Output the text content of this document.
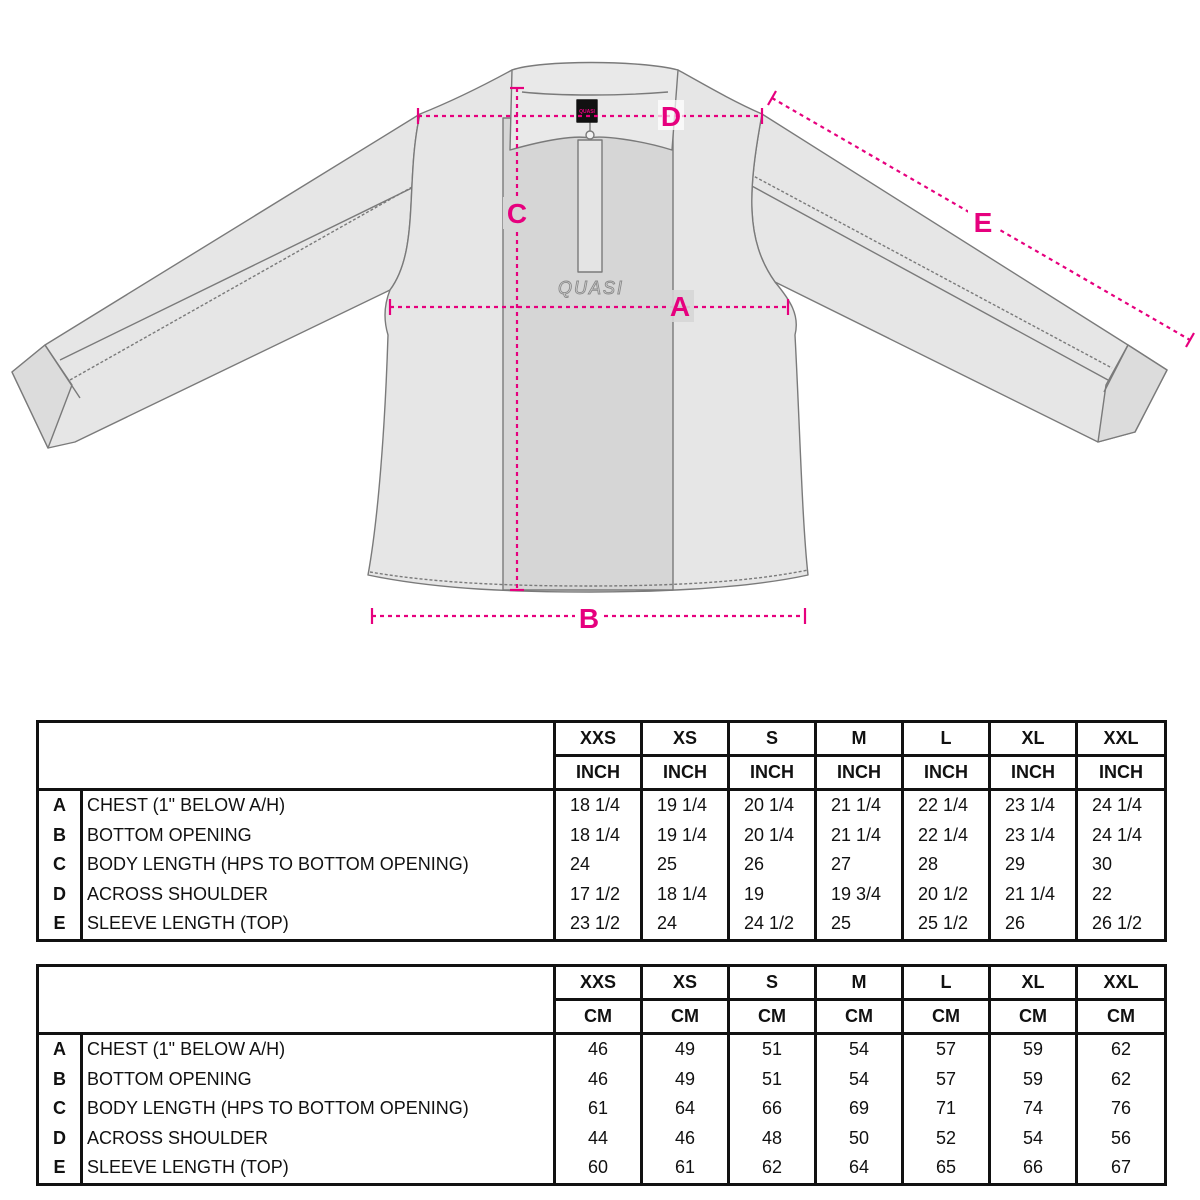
QUASI
QUASI
D
C
A
B
E
		XXS	XS	S	M	L	XL	XXL
		INCH	INCH	INCH	INCH	INCH	INCH	INCH
A	CHEST (1" BELOW A/H)	18 1/4	19 1/4	20 1/4	21 1/4	22 1/4	23 1/4	24 1/4
B	BOTTOM OPENING	18 1/4	19 1/4	20 1/4	21 1/4	22 1/4	23 1/4	24 1/4
C	BODY LENGTH (HPS TO BOTTOM OPENING)	24	25	26	27	28	29	30
D	ACROSS SHOULDER	17 1/2	18 1/4	19	19 3/4	20 1/2	21 1/4	22
E	SLEEVE LENGTH (TOP)	23 1/2	24	24 1/2	25	25 1/2	26	26 1/2
		XXS	XS	S	M	L	XL	XXL
		CM	CM	CM	CM	CM	CM	CM
A	CHEST (1" BELOW A/H)	46	49	51	54	57	59	62
B	BOTTOM OPENING	46	49	51	54	57	59	62
C	BODY LENGTH (HPS TO BOTTOM OPENING)	61	64	66	69	71	74	76
D	ACROSS SHOULDER	44	46	48	50	52	54	56
E	SLEEVE LENGTH (TOP)	60	61	62	64	65	66	67
